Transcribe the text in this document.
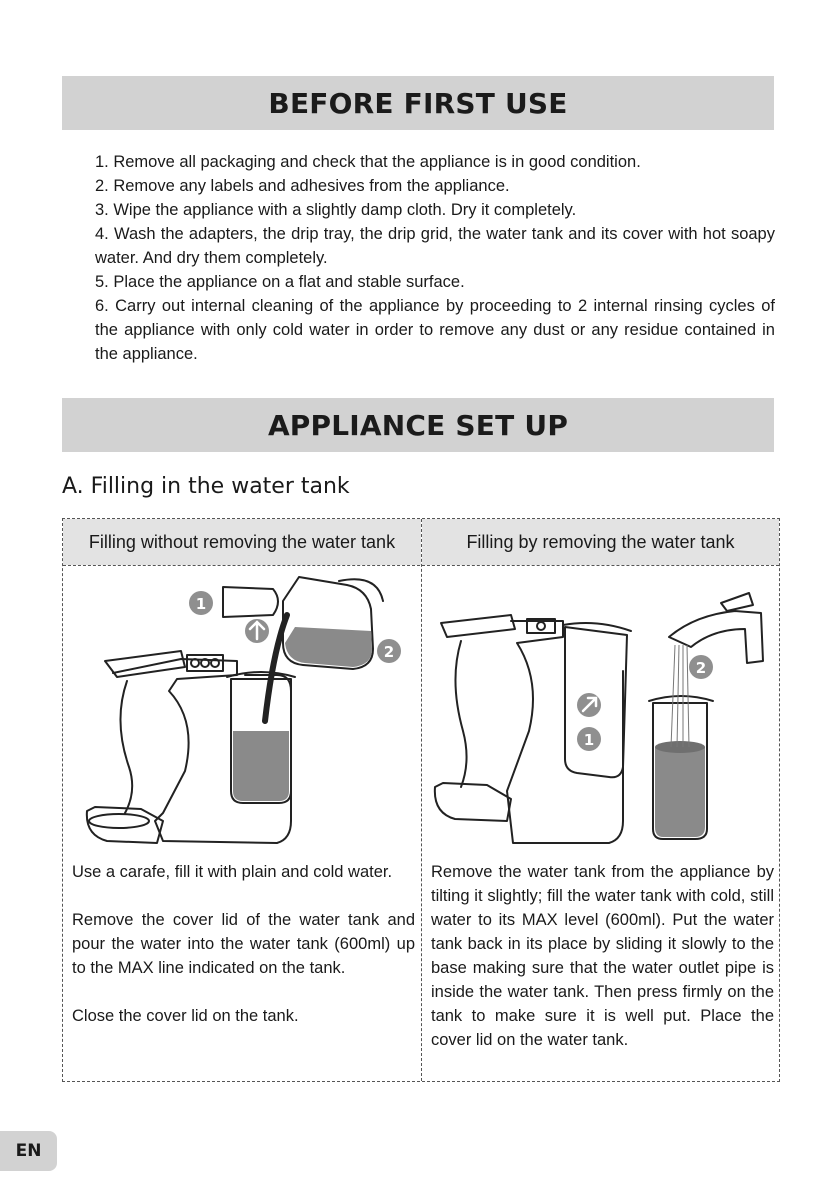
BEFORE FIRST USE
1. Remove all packaging and check that the appliance is in good condition.
2. Remove any labels and adhesives from the appliance.
3. Wipe the appliance with a slightly damp cloth. Dry it completely.
4. Wash the adapters, the drip tray, the drip grid, the water tank and its cover with hot soapy water. And dry them completely.
5. Place the appliance on a flat and stable surface.
6. Carry out internal cleaning of the appliance by proceeding to 2 internal rinsing cycles of the appliance with only cold water in order to remove any dust or any residue contained in the appliance.
APPLIANCE SET UP
A. Filling in the water tank
Filling without removing the water tank	Filling by removing the water tank
1
2
1
2

Use a carafe, fill it with plain and cold water.

Remove the cover lid of the water tank and pour the water into the water tank (600ml) up to the MAX line indicated on the tank.

Close the cover lid on the tank.

Remove the water tank from the appliance by tilting it slightly; fill the water tank with cold, still water to its MAX level (600ml). Put the water tank back in its place by sliding it slowly to the base making sure that the water outlet pipe is inside the water tank. Then press firmly on the tank to make sure it is well put. Place the cover lid on the water tank.

EN
